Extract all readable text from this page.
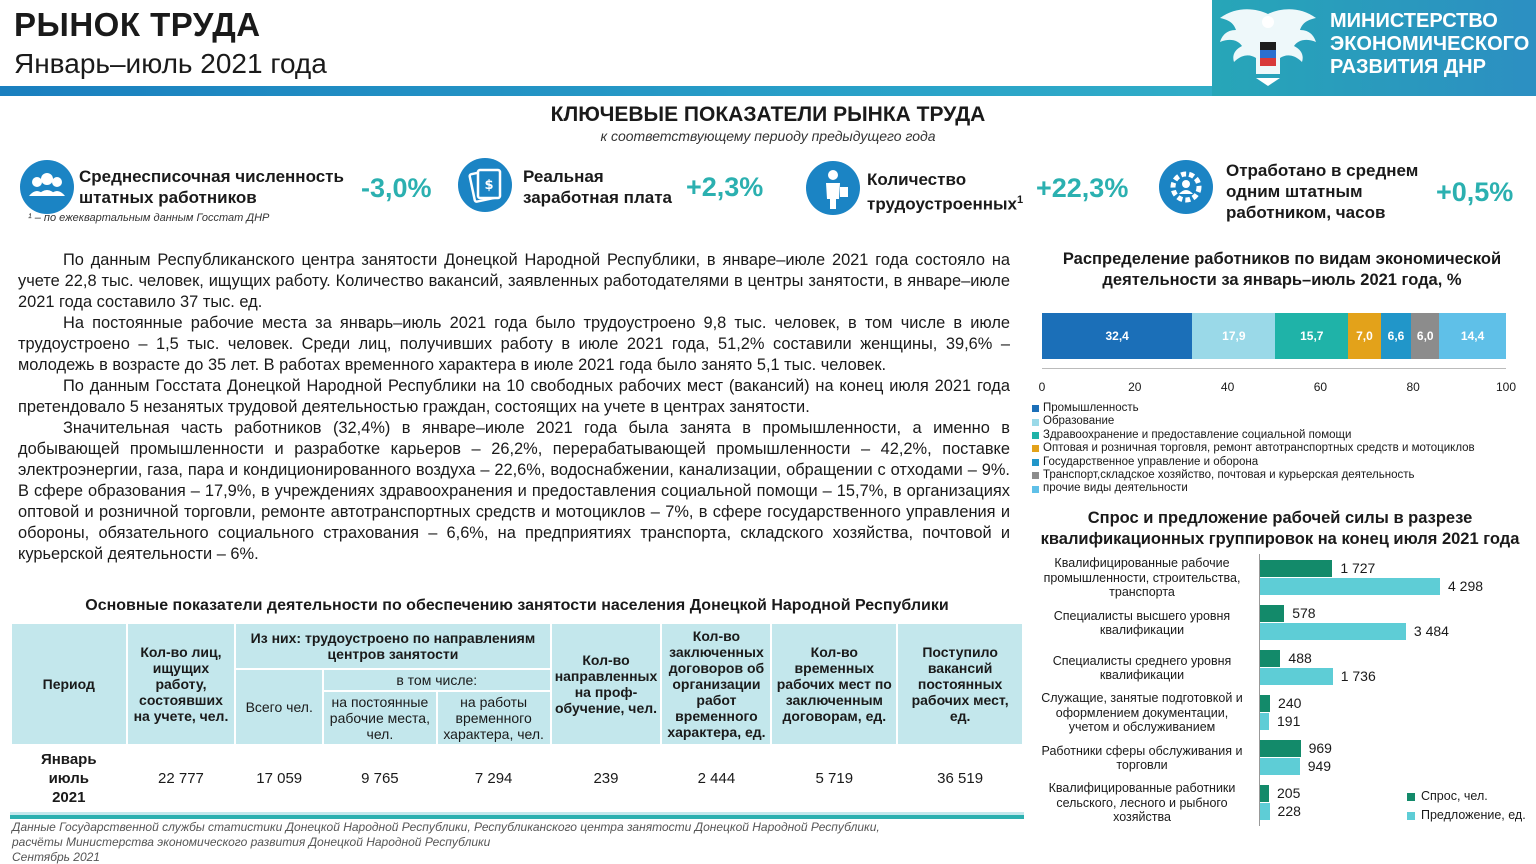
РЫНОК ТРУДА
Январь–июль 2021 года
МИНИСТЕРСТВО
ЭКОНОМИЧЕСКОГО
РАЗВИТИЯ ДНР
КЛЮЧЕВЫЕ ПОКАЗАТЕЛИ РЫНКА ТРУДА
к соответствующему периоду предыдущего года
Среднесписочная численность
штатных работников	-3,0%
¹ – по ежеквартальным данным Госстат ДНР
$ Реальная
заработная плата +2,3%	Количество
трудоустроенных$^1$ +22,3%
Отработано в среднем
одним штатным
работником, часов
+0,5%

По данным Республиканского центра занятости Донецкой Народной Республики, в январе–июле 2021 года состояло на учете 22,8 тыс. человек, ищущих работу. Количество вакансий, заявленных работодателями в центры занятости, в январе–июле 2021 года составило 37 тыс. ед.

На постоянные рабочие места за январь–июль 2021 года было трудоустроено 9,8 тыс. человек, в том числе в июле трудоустроено – 1,5 тыс. человек. Среди лиц, получивших работу в июле 2021 года, 51,2% составили женщины, 39,6% – молодежь в возрасте до 35 лет. В работах временного характера в июле 2021 года было занято 5,1 тыс. человек.

По данным Госстата Донецкой Народной Республики на 10 свободных рабочих мест (вакансий) на конец июля 2021 года претендовало 5 незанятых трудовой деятельностью граждан, состоящих на учете в центрах занятости.

Значительная часть работников (32,4%) в январе–июле 2021 года была занята в промышленности, а именно в добывающей промышленности и разработке карьеров – 26,2%, перерабатывающей промышленности – 42,2%, поставке электроэнергии, газа, пара и кондиционированного воздуха – 22,6%, водоснабжении, канализации, обращении с отходами – 9%. В сфере образования – 17,9%, в учреждениях здравоохранения и предоставления социальной помощи – 15,7%, в организациях оптовой и розничной торговли, ремонте автотранспортных средств и мотоциклов – 7%, в сфере государственного управления и обороны, обязательного социального страхования – 6,6%, на предприятиях транспорта, складского хозяйства, почтовой и курьерской деятельности – 6%.

Основные показатели деятельности по обеспечению занятости населения Донецкой Народной Республики
Период	Кол-во лиц, ищущих работу, состоявших на учете, чел.	Из них: трудоустроено по направлениям центров занятости			Кол-во направленных на проф-обучение, чел.	Кол-во заключенных договоров об организации работ временного характера, ед.	Кол-во временных рабочих мест по заключенным договорам, ед.	Поступило вакансий постоянных рабочих мест, ед.
		Всего чел.	в том числе:					
			на постоянные рабочие места, чел.	на работы временного характера, чел.				

Январь
июль
2021	22 777	17 059	9 765	7 294	239	2 444	5 719	36 519
Данные Государственной службы статистики Донецкой Народной Республики, Республиканского центра занятости Донецкой Народной Республики,
расчёты Министерства экономического развития Донецкой Народной Республики
Сентябрь 2021
Распределение работников по видам экономической
деятельности за январь–июль 2021 года, %
32,4	17,9	15,7	7,0	6,6	6,0	14,4
0	20	40	60	80	100
Промышленность
Образование
Здравоохранение и предоставление социальной помощи
Оптовая и розничная торговля, ремонт автотранспортных средств и мотоциклов
Государственное управление и оборона
Транспорт,складское хозяйство, почтовая и курьерская деятельность
прочие виды деятельности
Спрос и предложение рабочей силы в разрезе
квалификационных группировок на конец июля 2021 года
Квалифицированные рабочие
промышленности, строительства,
транспорта
1 727
4 298
Специалисты высшего уровня
квалификации
578
3 484
Специалисты среднего уровня
квалификации
488
1 736
Служащие, занятые подготовкой и
оформлением документации,
учетом и обслуживанием
240
191
Работники сферы обслуживания и
торговли
969
949
Квалифицированные работники
сельского, лесного и рыбного
хозяйства
205
228
Спрос, чел.
Предложение, ед.
